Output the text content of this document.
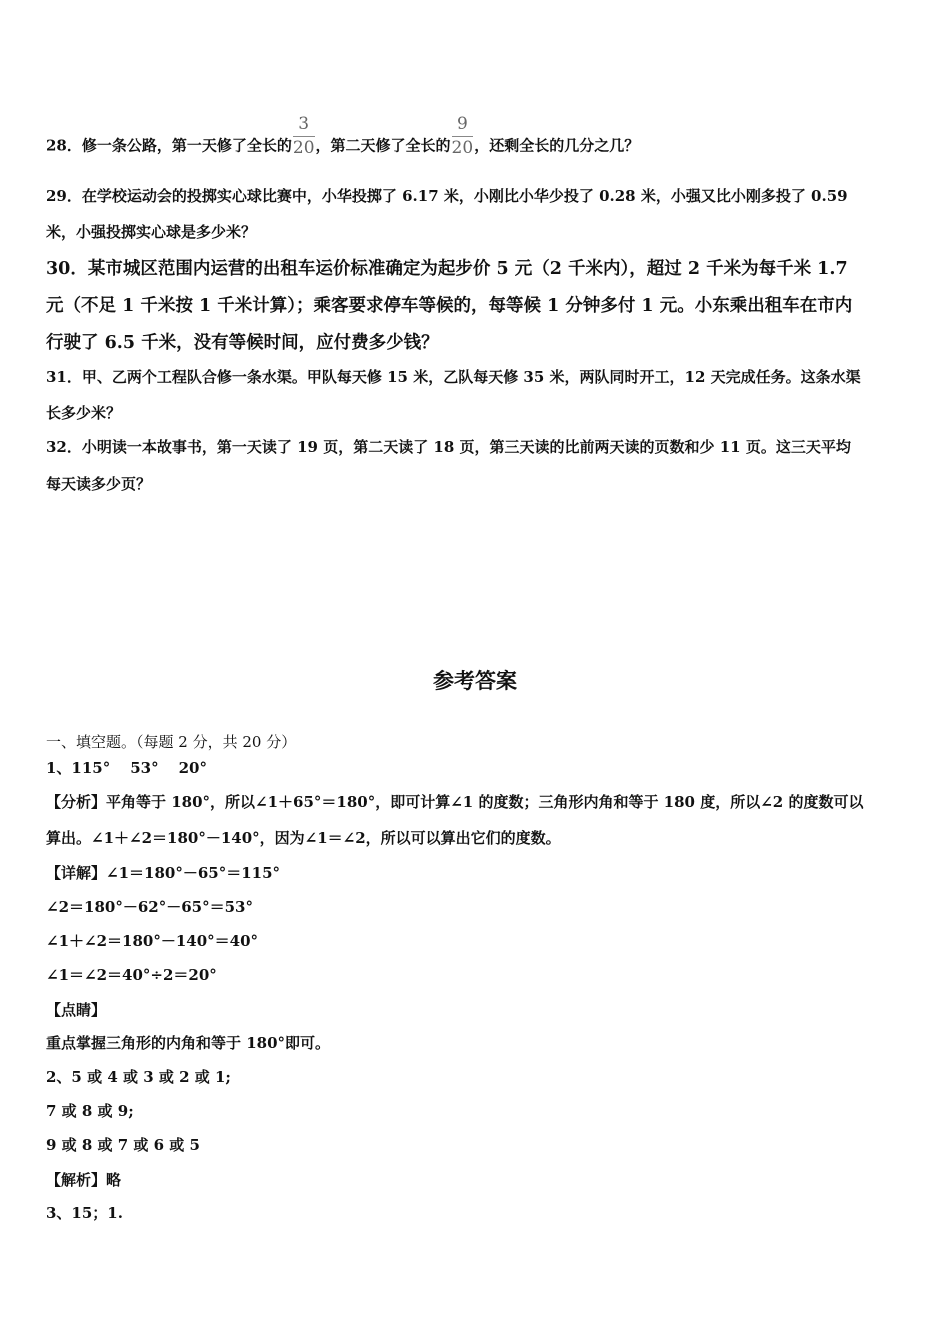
28．修一条公路，第一天修了全长的 $\frac{3}{20}$ ，第二天修了全长的 $\frac{9}{20}$ ，还剩全长的几分之几？
29．在学校运动会的投掷实心球比赛中，小华投掷了 6.17 米，小刚比小华少投了 0.28 米，小强又比小刚多投了 0.59
米，小强投掷实心球是多少米？
30．某市城区范围内运营的出租车运价标准确定为起步价 5 元（2 千米内），超过 2 千米为每千米 1.7
元（不足 1 千米按 1 千米计算）；乘客要求停车等候的，每等候 1 分钟多付 1 元。小东乘出租车在市内
行驶了 6.5 千米，没有等候时间，应付费多少钱？
31．甲、乙两个工程队合修一条水渠。甲队每天修 15 米，乙队每天修 35 米，两队同时开工，12 天完成任务。这条水渠
长多少米？
32．小明读一本故事书，第一天读了 19 页，第二天读了 18 页，第三天读的比前两天读的页数和少 11 页。这三天平均
每天读多少页？
参考答案
一、填空题。（每题 2 分，共 20 分）
1、115° 53° 20°
【分析】平角等于 180°，所以∠1＋65°＝180°，即可计算∠1 的度数；三角形内角和等于 180 度，所以∠2 的度数可以
算出。∠1＋∠2＝180°－140°，因为∠1＝∠2，所以可以算出它们的度数。
【详解】∠1＝180°－65°＝115°
∠2＝180°－62°－65°＝53°
∠1＋∠2＝180°－140°＝40°
∠1＝∠2＝40°÷2＝20°
【点睛】
重点掌握三角形的内角和等于 180°即可。
2、5 或 4 或 3 或 2 或 1;
7 或 8 或 9;
9 或 8 或 7 或 6 或 5
【解析】略
3、15；1.
